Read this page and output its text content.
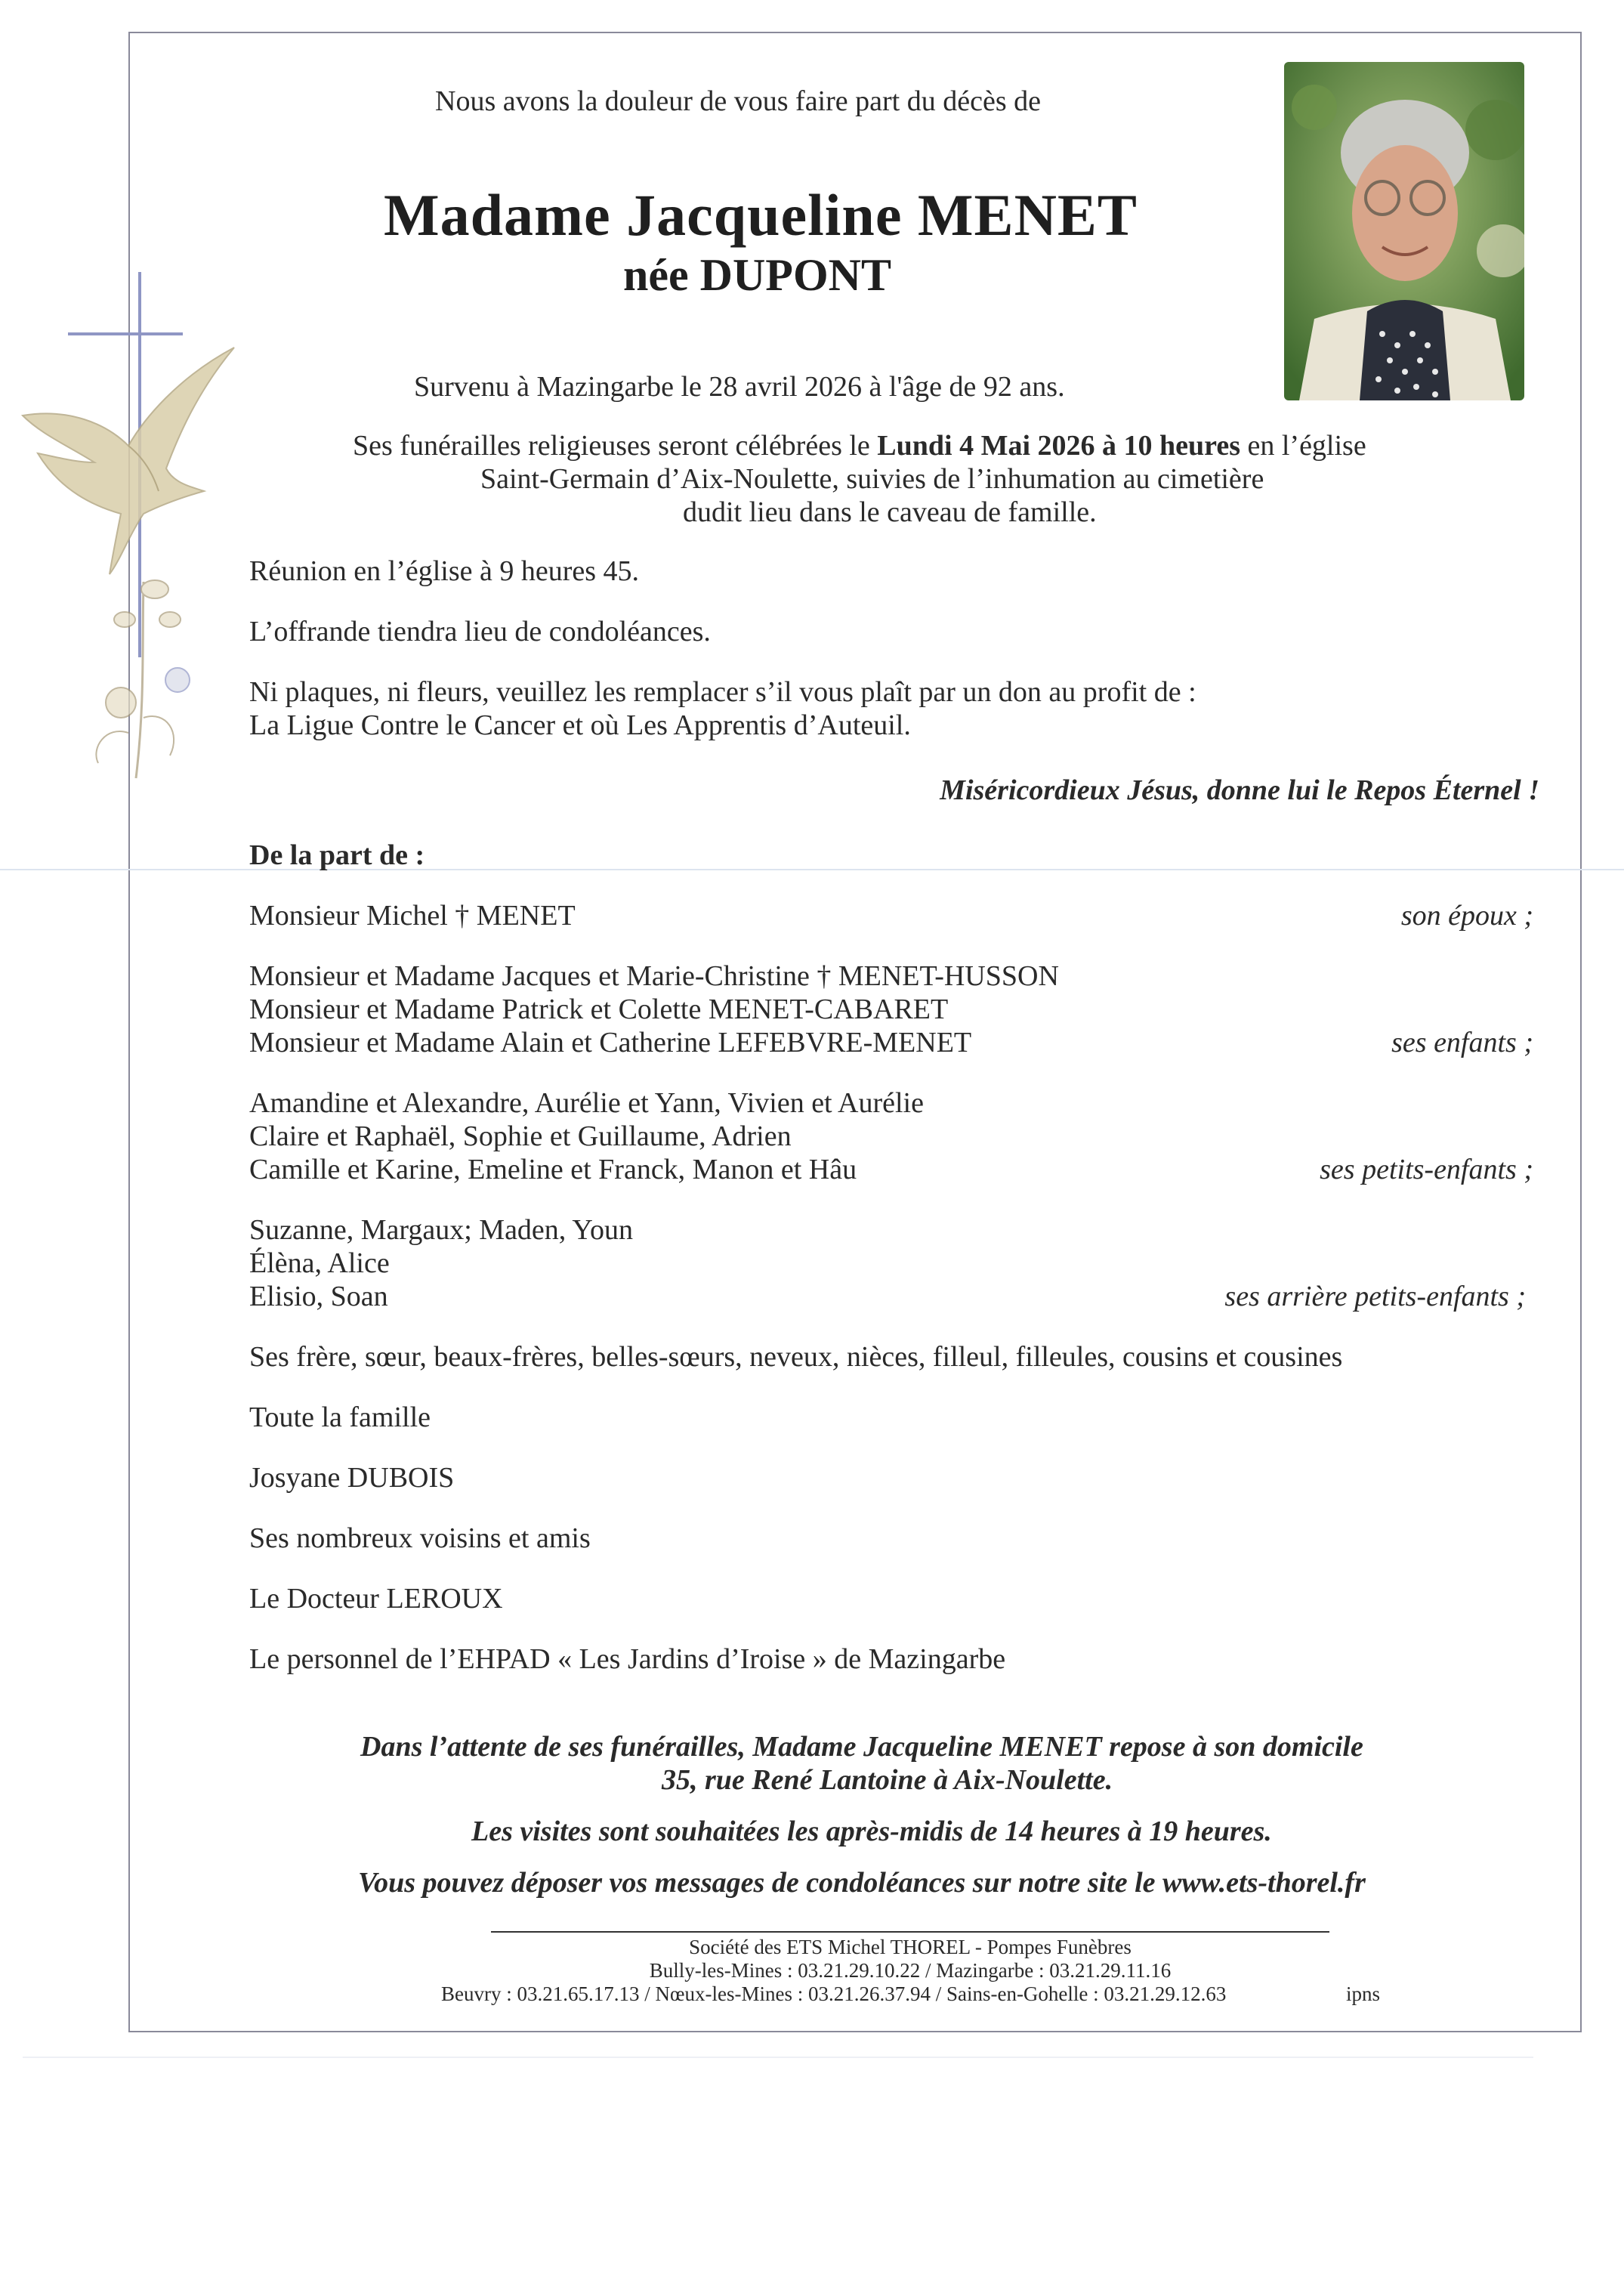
Nous avons la douleur de vous faire part du décès de
Madame Jacqueline MENET
née DUPONT
Survenu à Mazingarbe le 28 avril 2026 à l'âge de 92 ans.
Ses funérailles religieuses seront célébrées le Lundi 4 Mai 2026 à 10 heures en l’église
Saint-Germain d’Aix-Noulette, suivies de l’inhumation au cimetière
dudit lieu dans le caveau de famille.
Réunion en l’église à 9 heures 45.
L’offrande tiendra lieu de condoléances.
Ni plaques, ni fleurs, veuillez les remplacer s’il vous plaît par un don au profit de :
La Ligue Contre le Cancer et où Les Apprentis d’Auteuil.
Miséricordieux Jésus, donne lui le Repos Éternel !
De la part de :
Monsieur Michel † MENET	son époux ;
Monsieur et Madame Jacques et Marie-Christine † MENET-HUSSON
Monsieur et Madame Patrick et Colette MENET-CABARET
Monsieur et Madame Alain et Catherine LEFEBVRE-MENET	ses enfants ;
Amandine et Alexandre, Aurélie et Yann, Vivien et Aurélie
Claire et Raphaël, Sophie et Guillaume, Adrien
Camille et Karine, Emeline et Franck, Manon et Hâu	ses petits-enfants ;
Suzanne, Margaux; Maden, Youn
Élèna, Alice
Elisio, Soan	ses arrière petits-enfants ;
Ses frère, sœur, beaux-frères, belles-sœurs, neveux, nièces, filleul, filleules, cousins et cousines
Toute la famille
Josyane DUBOIS
Ses nombreux voisins et amis
Le Docteur LEROUX
Le personnel de l’EHPAD « Les Jardins d’Iroise » de Mazingarbe
Dans l’attente de ses funérailles, Madame Jacqueline MENET repose à son domicile
35, rue René Lantoine à Aix-Noulette.
Les visites sont souhaitées les après-midis de 14 heures à 19 heures.
Vous pouvez déposer vos messages de condoléances sur notre site le www.ets-thorel.fr
Société des ETS Michel THOREL - Pompes Funèbres
Bully-les-Mines : 03.21.29.10.22 / Mazingarbe : 03.21.29.11.16
Beuvry : 03.21.65.17.13 / Nœux-les-Mines : 03.21.26.37.94 / Sains-en-Gohelle : 03.21.29.12.63	ipns
